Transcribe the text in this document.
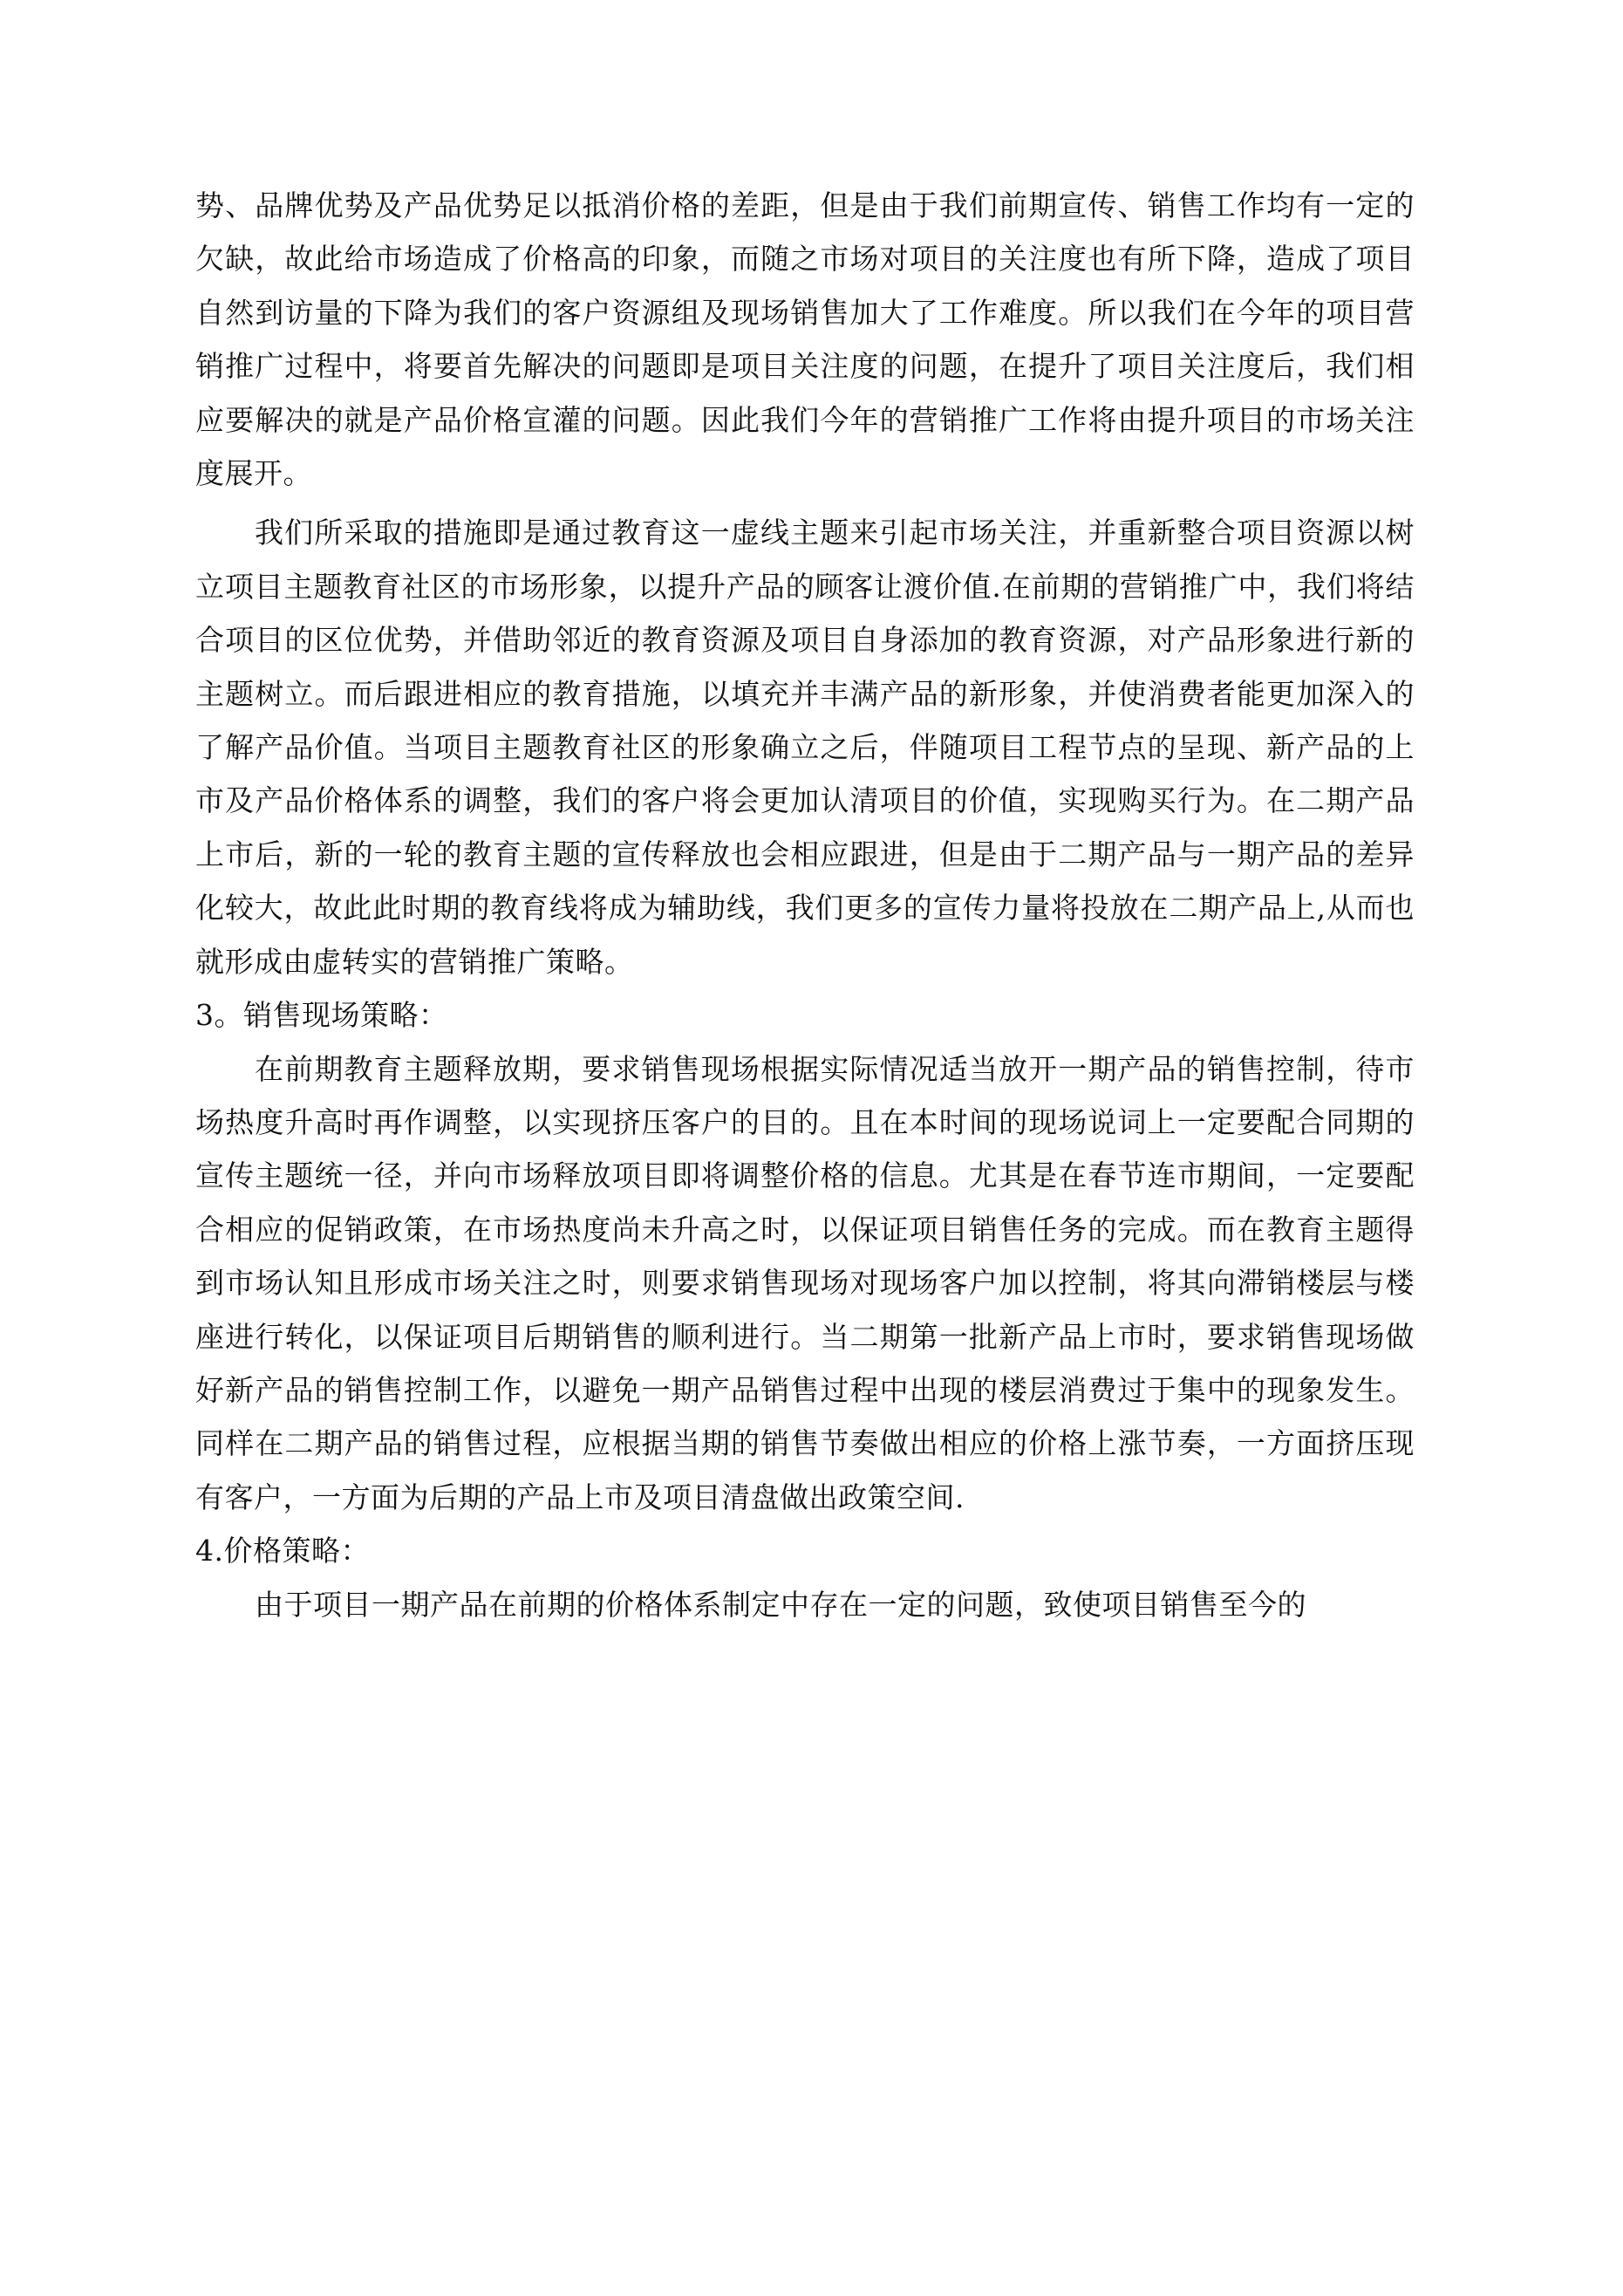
势、品牌优势及产品优势足以抵消价格的差距，但是由于我们前期宣传、销售工作均有一定的欠缺，故此给市场造成了价格高的印象，而随之市场对项目的关注度也有所下降，造成了项目自然到访量的下降为我们的客户资源组及现场销售加大了工作难度。所以我们在今年的项目营销推广过程中，将要首先解决的问题即是项目关注度的问题，在提升了项目关注度后，我们相应要解决的就是产品价格宣灌的问题。因此我们今年的营销推广工作将由提升项目的市场关注度展开。

我们所采取的措施即是通过教育这一虚线主题来引起市场关注，并重新整合项目资源以树立项目主题教育社区的市场形象，以提升产品的顾客让渡价值.在前期的营销推广中，我们将结合项目的区位优势，并借助邻近的教育资源及项目自身添加的教育资源，对产品形象进行新的主题树立。而后跟进相应的教育措施，以填充并丰满产品的新形象，并使消费者能更加深入的了解产品价值。当项目主题教育社区的形象确立之后，伴随项目工程节点的呈现、新产品的上市及产品价格体系的调整，我们的客户将会更加认清项目的价值，实现购买行为。在二期产品上市后，新的一轮的教育主题的宣传释放也会相应跟进，但是由于二期产品与一期产品的差异化较大，故此此时期的教育线将成为辅助线，我们更多的宣传力量将投放在二期产品上,从而也就形成由虚转实的营销推广策略。

3。销售现场策略：

在前期教育主题释放期，要求销售现场根据实际情况适当放开一期产品的销售控制，待市场热度升高时再作调整，以实现挤压客户的目的。且在本时间的现场说词上一定要配合同期的宣传主题统一径，并向市场释放项目即将调整价格的信息。尤其是在春节连市期间，一定要配合相应的促销政策，在市场热度尚未升高之时，以保证项目销售任务的完成。而在教育主题得到市场认知且形成市场关注之时，则要求销售现场对现场客户加以控制，将其向滞销楼层与楼座进行转化，以保证项目后期销售的顺利进行。当二期第一批新产品上市时，要求销售现场做好新产品的销售控制工作，以避免一期产品销售过程中出现的楼层消费过于集中的现象发生。同样在二期产品的销售过程，应根据当期的销售节奏做出相应的价格上涨节奏，一方面挤压现有客户，一方面为后期的产品上市及项目清盘做出政策空间.

4.价格策略：

由于项目一期产品在前期的价格体系制定中存在一定的问题，致使项目销售至今的
